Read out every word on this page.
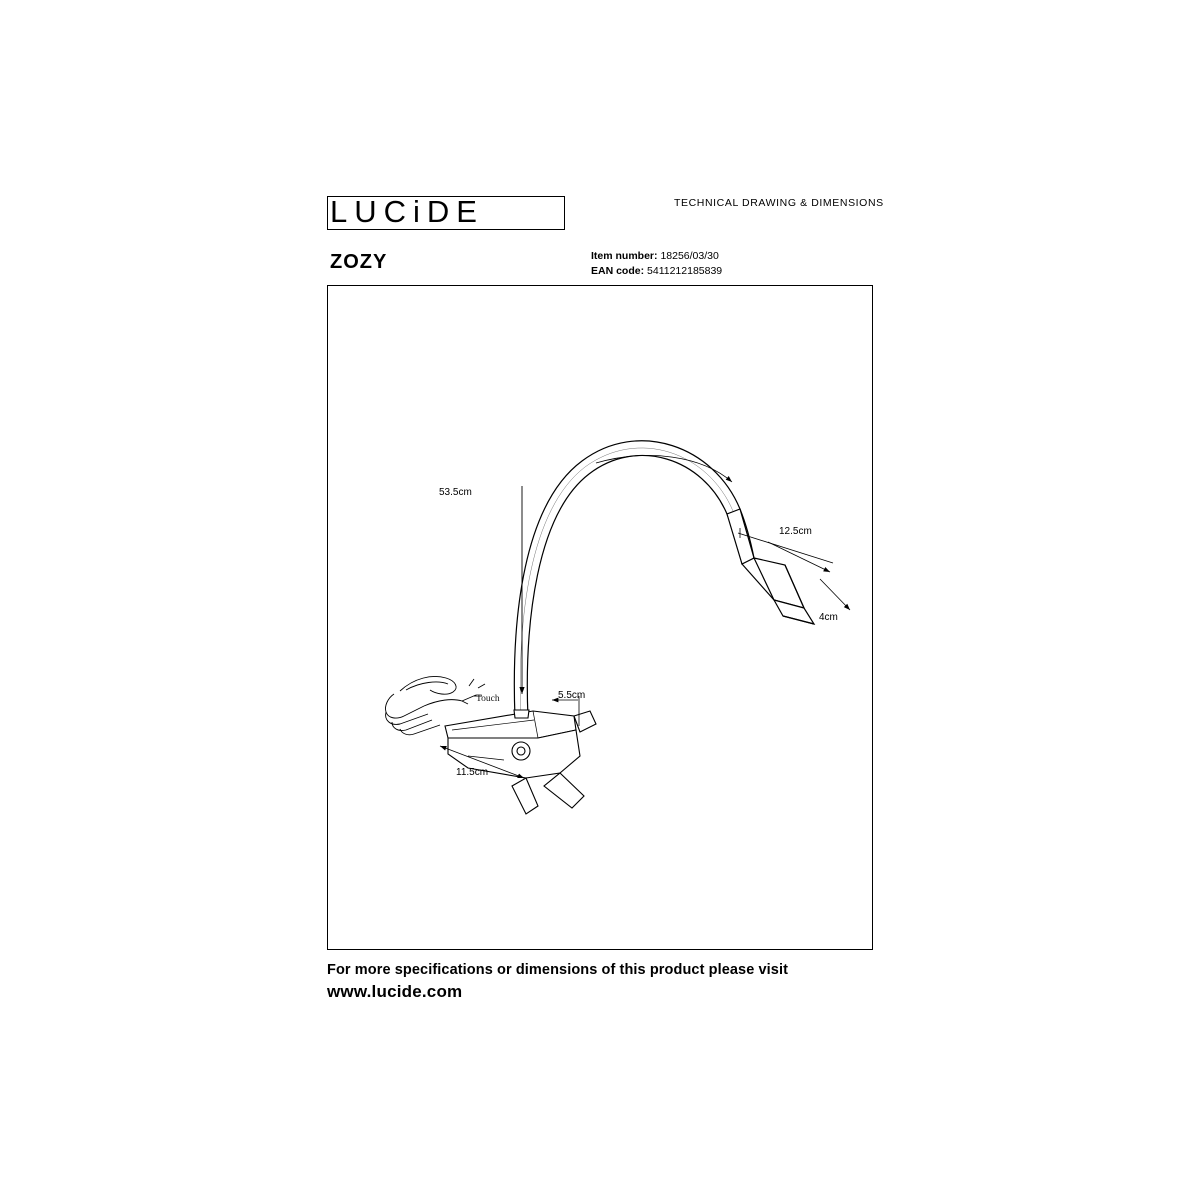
LUCiDE	TECHNICAL DRAWING & DIMENSIONS
ZOZY	Item number: 18256/03/30
EAN code: 5411212185839
Touch
53.5cm
12.5cm
4cm
5.5cm
11.5cm
For more specifications or dimensions of this product please visit
www.lucide.com
